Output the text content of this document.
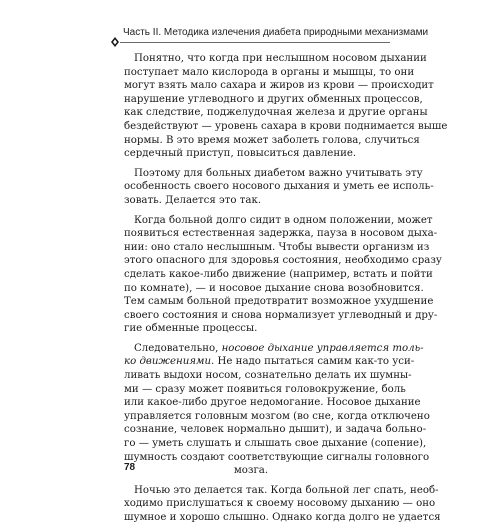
Часть II. Методика излечения диабета природными механизмами
Понятно, что когда при неслышном носовом дыхании
поступает мало кислорода в органы и мышцы, то они
могут взять мало сахара и жиров из крови — происходит
нарушение углеводного и других обменных процессов,
как следствие, поджелудочная железа и другие органы
бездействуют — уровень сахара в крови поднимается выше
нормы. В это время может заболеть голова, случиться
сердечный приступ, повыситься давление.
Поэтому для больных диабетом важно учитывать эту
особенность своего носового дыхания и уметь ее исполь-
зовать. Делается это так.
Когда больной долго сидит в одном положении, может
появиться естественная задержка, пауза в носовом дыха-
нии: оно стало неслышным. Чтобы вывести организм из
этого опасного для здоровья состояния, необходимо сразу
сделать какое-либо движение (например, встать и пойти
по комнате), — и носовое дыхание снова возобновится.
Тем самым больной предотвратит возможное ухудшение
своего состояния и снова нормализует углеводный и дру-
гие обменные процессы.
Следовательно, носовое дыхание управляется толь-
ко движениями. Не надо пытаться самим как-то уси-
ливать выдохи носом, сознательно делать их шумны-
ми — сразу может появиться головокружение, боль
или какое-либо другое недомогание. Носовое дыхание
управляется головным мозгом (во сне, когда отключено
сознание, человек нормально дышит), и задача больно-
го — уметь слушать и слышать свое дыхание (сопение),
шумность создают соответствующие сигналы головного
мозга.
Ночью это делается так. Когда больной лег спать, необ-
ходимо прислушаться к своему носовому дыханию — оно
шумное и хорошо слышно. Однако когда долго не удается
78
